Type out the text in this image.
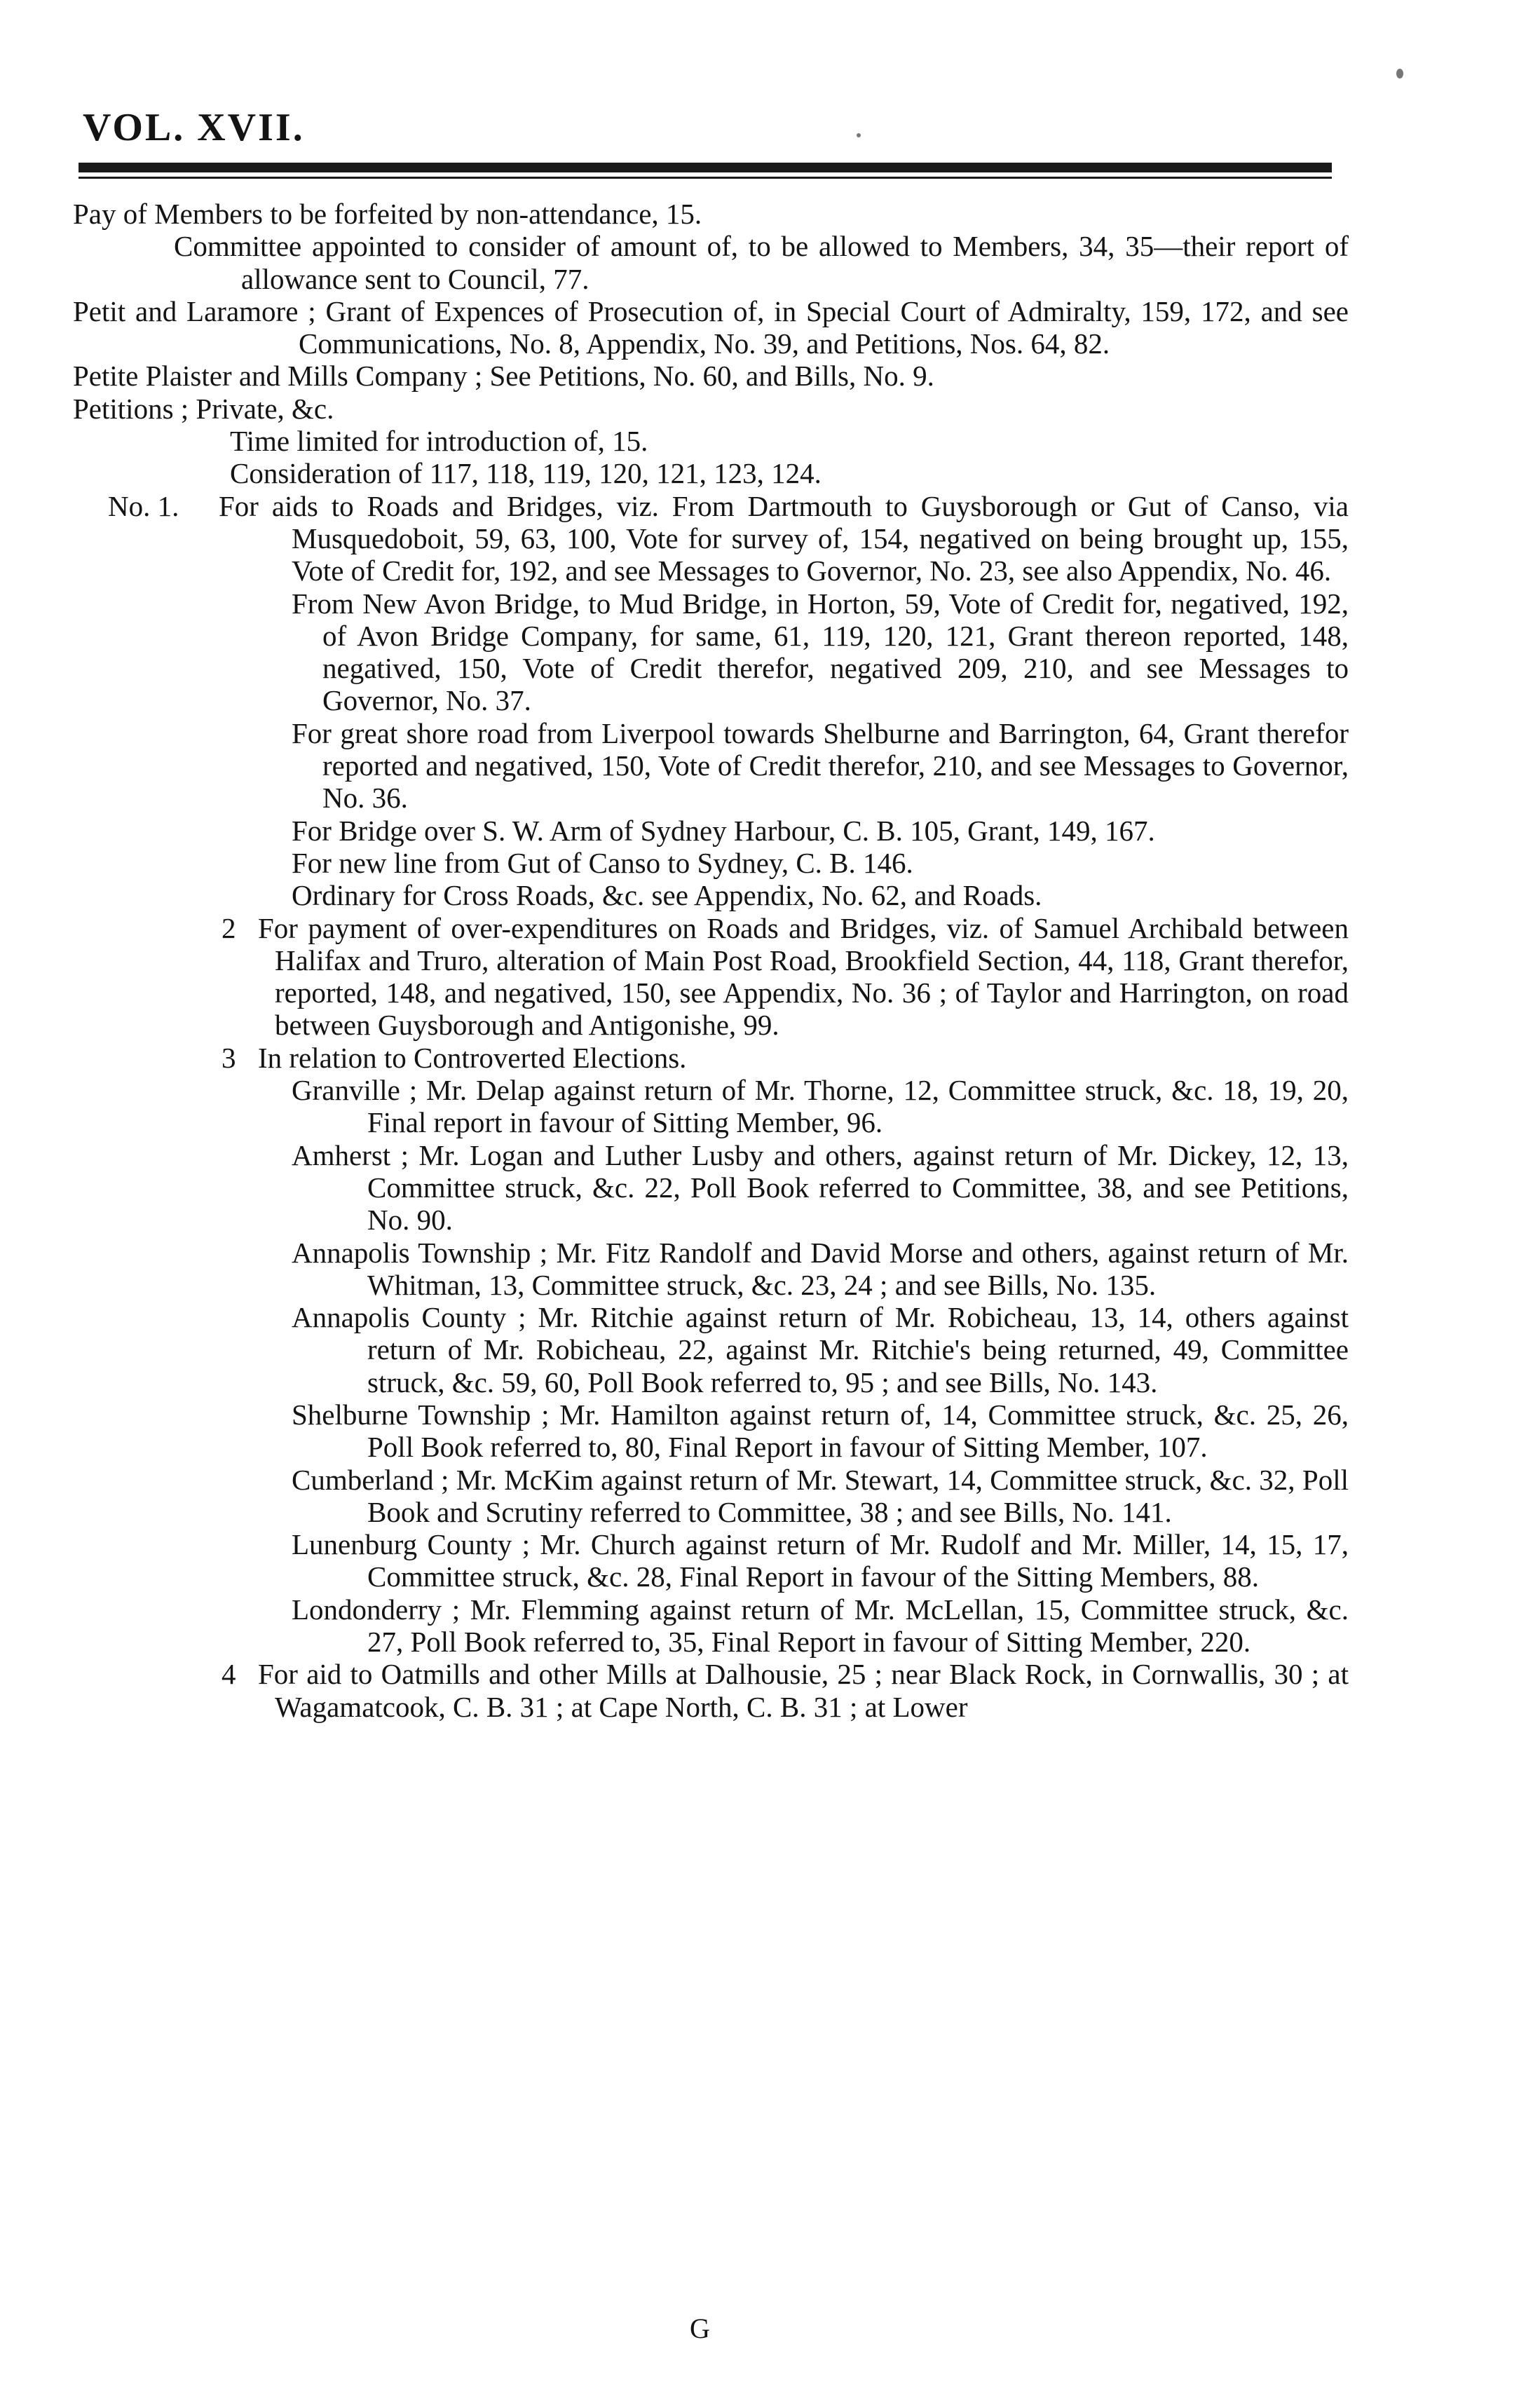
VOL. XVII.

Pay of Members to be forfeited by non-attendance, 15.

Committee appointed to consider of amount of, to be allowed to Members, 34, 35—their report of allowance sent to Council, 77.

Petit and Laramore ; Grant of Expences of Prosecution of, in Special Court of Admiralty, 159, 172, and see Communications, No. 8, Appendix, No. 39, and Petitions, Nos. 64, 82.

Petite Plaister and Mills Company ; See Petitions, No. 60, and Bills, No. 9.

Petitions ; Private, &c.

Time limited for introduction of, 15.

Consideration of 117, 118, 119, 120, 121, 123, 124.

No. 1. For aids to Roads and Bridges, viz. From Dartmouth to Guysborough or Gut of Canso, via Musquedoboit, 59, 63, 100, Vote for survey of, 154, negatived on being brought up, 155, Vote of Credit for, 192, and see Messages to Governor, No. 23, see also Appendix, No. 46.

From New Avon Bridge, to Mud Bridge, in Horton, 59, Vote of Credit for, negatived, 192, of Avon Bridge Company, for same, 61, 119, 120, 121, Grant thereon reported, 148, negatived, 150, Vote of Credit therefor, negatived 209, 210, and see Messages to Governor, No. 37.

For great shore road from Liverpool towards Shelburne and Barrington, 64, Grant therefor reported and negatived, 150, Vote of Credit therefor, 210, and see Messages to Governor, No. 36.

For Bridge over S. W. Arm of Sydney Harbour, C. B. 105, Grant, 149, 167.

For new line from Gut of Canso to Sydney, C. B. 146.

Ordinary for Cross Roads, &c. see Appendix, No. 62, and Roads.

2 For payment of over-expenditures on Roads and Bridges, viz. of Samuel Archibald between Halifax and Truro, alteration of Main Post Road, Brookfield Section, 44, 118, Grant therefor, reported, 148, and negatived, 150, see Appendix, No. 36 ; of Taylor and Harrington, on road between Guysborough and Antigonishe, 99.

3 In relation to Controverted Elections.

Granville ; Mr. Delap against return of Mr. Thorne, 12, Committee struck, &c. 18, 19, 20, Final report in favour of Sitting Member, 96.

Amherst ; Mr. Logan and Luther Lusby and others, against return of Mr. Dickey, 12, 13, Committee struck, &c. 22, Poll Book referred to Committee, 38, and see Petitions, No. 90.

Annapolis Township ; Mr. Fitz Randolf and David Morse and others, against return of Mr. Whitman, 13, Committee struck, &c. 23, 24 ; and see Bills, No. 135.

Annapolis County ; Mr. Ritchie against return of Mr. Robicheau, 13, 14, others against return of Mr. Robicheau, 22, against Mr. Ritchie's being returned, 49, Committee struck, &c. 59, 60, Poll Book referred to, 95 ; and see Bills, No. 143.

Shelburne Township ; Mr. Hamilton against return of, 14, Committee struck, &c. 25, 26, Poll Book referred to, 80, Final Report in favour of Sitting Member, 107.

Cumberland ; Mr. McKim against return of Mr. Stewart, 14, Committee struck, &c. 32, Poll Book and Scrutiny referred to Committee, 38 ; and see Bills, No. 141.

Lunenburg County ; Mr. Church against return of Mr. Rudolf and Mr. Miller, 14, 15, 17, Committee struck, &c. 28, Final Report in favour of the Sitting Members, 88.

Londonderry ; Mr. Flemming against return of Mr. McLellan, 15, Committee struck, &c. 27, Poll Book referred to, 35, Final Report in favour of Sitting Member, 220.

4 For aid to Oatmills and other Mills at Dalhousie, 25 ; near Black Rock, in Cornwallis, 30 ; at Wagamatcook, C. B. 31 ; at Cape North, C. B. 31 ; at Lower

G
